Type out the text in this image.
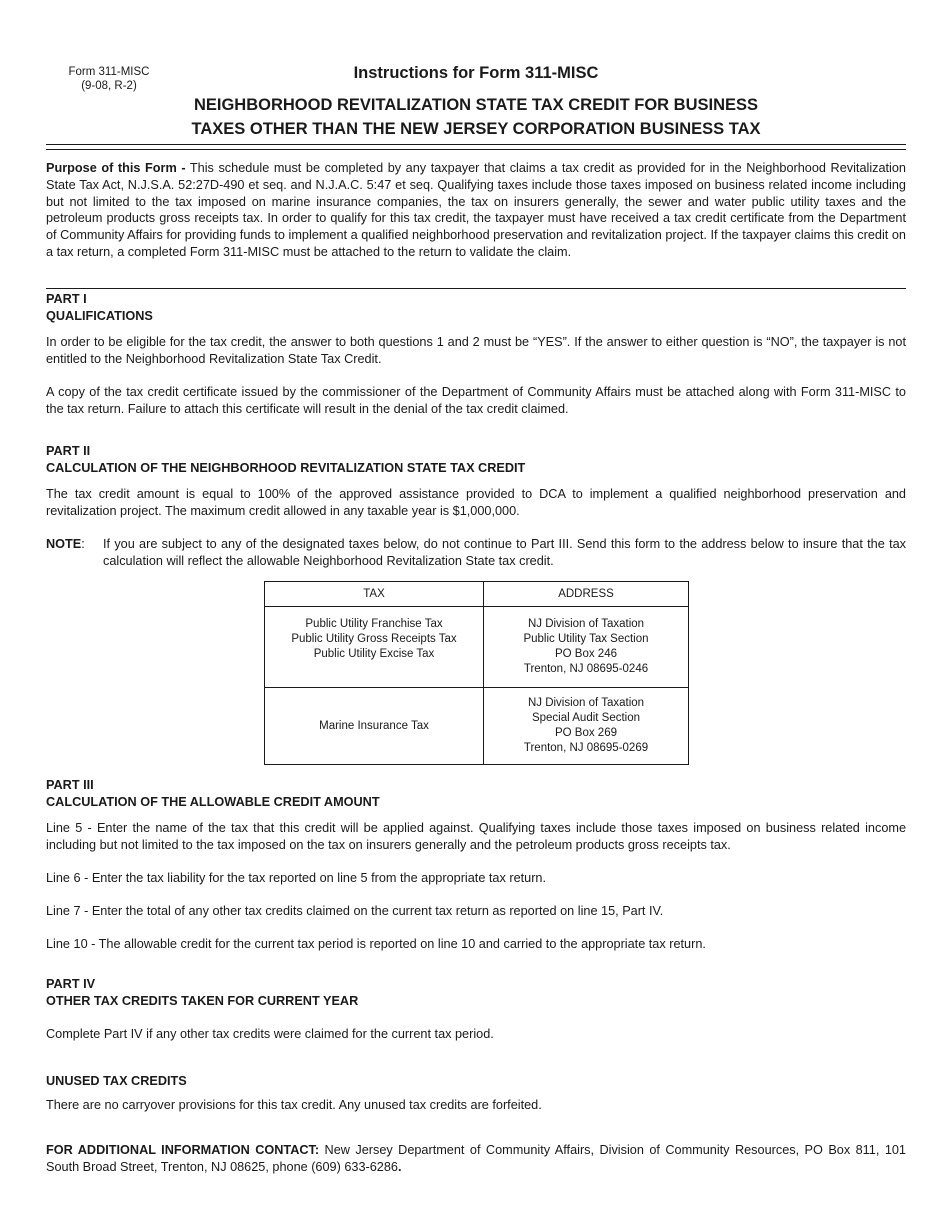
Form 311-MISC
(9-08, R-2)
Instructions for Form 311-MISC
NEIGHBORHOOD REVITALIZATION STATE TAX CREDIT FOR BUSINESS
TAXES OTHER THAN THE NEW JERSEY CORPORATION BUSINESS TAX
Purpose of this Form - This schedule must be completed by any taxpayer that claims a tax credit as provided for in the Neighborhood Revitalization State Tax Act, N.J.S.A. 52:27D-490 et seq. and N.J.A.C. 5:47 et seq. Qualifying taxes include those taxes imposed on business related income including but not limited to the tax imposed on marine insurance companies, the tax on insurers generally, the sewer and water public utility taxes and the petroleum products gross receipts tax. In order to qualify for this tax credit, the taxpayer must have received a tax credit certificate from the Department of Community Affairs for providing funds to implement a qualified neighborhood preservation and revitalization project. If the taxpayer claims this credit on a tax return, a completed Form 311-MISC must be attached to the return to validate the claim.
PART I
QUALIFICATIONS
In order to be eligible for the tax credit, the answer to both questions 1 and 2 must be “YES”. If the answer to either question is “NO”, the taxpayer is not entitled to the Neighborhood Revitalization State Tax Credit.
A copy of the tax credit certificate issued by the commissioner of the Department of Community Affairs must be attached along with Form 311-MISC to the tax return. Failure to attach this certificate will result in the denial of the tax credit claimed.
PART II
CALCULATION OF THE NEIGHBORHOOD REVITALIZATION STATE TAX CREDIT
The tax credit amount is equal to 100% of the approved assistance provided to DCA to implement a qualified neighborhood preservation and revitalization project. The maximum credit allowed in any taxable year is $1,000,000.
NOTE: If you are subject to any of the designated taxes below, do not continue to Part III. Send this form to the address below to insure that the tax calculation will reflect the allowable Neighborhood Revitalization State tax credit.
TAX	ADDRESS

Public Utility Franchise Tax
Public Utility Gross Receipts Tax
Public Utility Excise Tax	NJ Division of Taxation
Public Utility Tax Section
PO Box 246
Trenton, NJ 08695-0246

Marine Insurance Tax	NJ Division of Taxation
Special Audit Section
PO Box 269
Trenton, NJ 08695-0269
PART III
CALCULATION OF THE ALLOWABLE CREDIT AMOUNT
Line 5 - Enter the name of the tax that this credit will be applied against. Qualifying taxes include those taxes imposed on business related income including but not limited to the tax imposed on the tax on insurers generally and the petroleum products gross receipts tax.
Line 6 - Enter the tax liability for the tax reported on line 5 from the appropriate tax return.
Line 7 - Enter the total of any other tax credits claimed on the current tax return as reported on line 15, Part IV.
Line 10 - The allowable credit for the current tax period is reported on line 10 and carried to the appropriate tax return.
PART IV
OTHER TAX CREDITS TAKEN FOR CURRENT YEAR
Complete Part IV if any other tax credits were claimed for the current tax period.
UNUSED TAX CREDITS
There are no carryover provisions for this tax credit. Any unused tax credits are forfeited.
FOR ADDITIONAL INFORMATION CONTACT: New Jersey Department of Community Affairs, Division of Community Resources, PO Box 811, 101 South Broad Street, Trenton, NJ 08625, phone (609) 633-6286.
